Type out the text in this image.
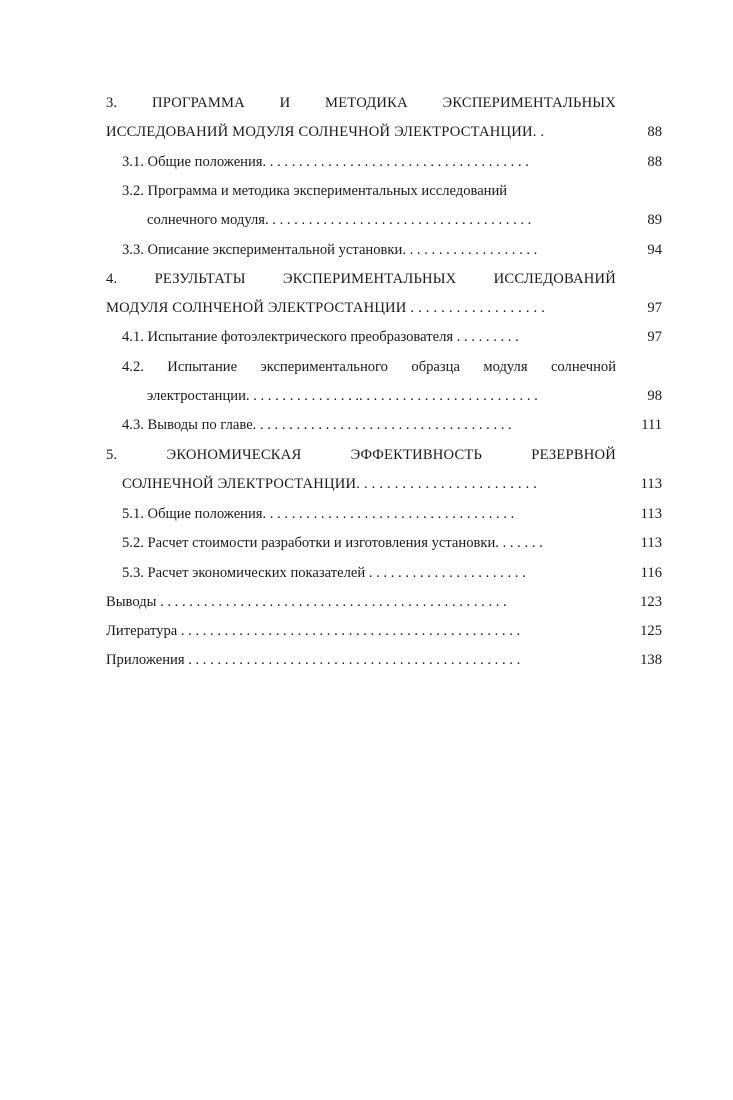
3. ПРОГРАММА И МЕТОДИКА ЭКСПЕРИМЕНТАЛЬНЫХ
ИССЛЕДОВАНИЙ МОДУЛЯ СОЛНЕЧНОЙ ЭЛЕКТРОСТАНЦИИ. .	88
3.1. Общие положения. . . . . . . . . . . . . . . . . . . . . . . . . . . . . . . . . . . . .	88
3.2. Программа и методика экспериментальных исследований
солнечного модуля. . . . . . . . . . . . . . . . . . . . . . . . . . . . . . . . . . . . .	89
3.3. Описание экспериментальной установки. . . . . . . . . . . . . . . . . . .	94
4.	РЕЗУЛЬТАТЫ	ЭКСПЕРИМЕНТАЛЬНЫХ	ИССЛЕДОВАНИЙ
МОДУЛЯ СОЛНЧЕНОЙ ЭЛЕКТРОСТАНЦИИ . . . . . . . . . . . . . . . . . .	97
4.1. Испытание фотоэлектрического преобразователя . . . . . . . . .	97
4.2. Испытание экспериментального образца модуля солнечной
электростанции. . . . . . . . . . . . . . . .. . . . . . . . . . . . . . . . . . . . . . . . .	98
4.3. Выводы по главе. . . . . . . . . . . . . . . . . . . . . . . . . . . . . . . . . . . .	111
5.	ЭКОНОМИЧЕСКАЯ	ЭФФЕКТИВНОСТЬ	РЕЗЕРВНОЙ
СОЛНЕЧНОЙ ЭЛЕКТРОСТАНЦИИ. . . . . . . . . . . . . . . . . . . . . . . .	113
5.1. Общие положения. . . . . . . . . . . . . . . . . . . . . . . . . . . . . . . . . . .	113
5.2. Расчет стоимости разработки и изготовления установки. . . . . . .	113
5.3. Расчет экономических показателей . . . . . . . . . . . . . . . . . . . . . .	116
Выводы . . . . . . . . . . . . . . . . . . . . . . . . . . . . . . . . . . . . . . . . . . . . . . . .	123
Литература . . . . . . . . . . . . . . . . . . . . . . . . . . . . . . . . . . . . . . . . . . . . . . .	125
Приложения . . . . . . . . . . . . . . . . . . . . . . . . . . . . . . . . . . . . . . . . . . . . . .	138
